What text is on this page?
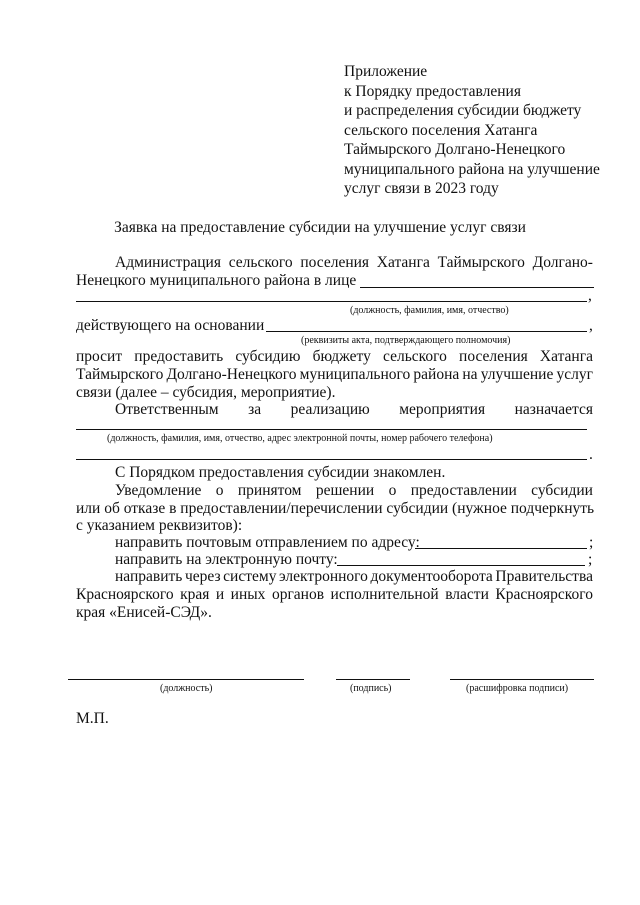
Приложение
к Порядку предоставления
и распределения субсидии бюджету
сельского поселения Хатанга
Таймырского Долгано-Ненецкого
муниципального района на улучшение
услуг связи в 2023 году
Заявка на предоставление субсидии на улучшение услуг связи
Администрация сельского поселения Хатанга Таймырского Долгано-
Ненецкого муниципального района в лице
,
(должность, фамилия, имя, отчество)
действующего на основании	,
(реквизиты акта, подтверждающего полномочия)
просит предоставить субсидию бюджету сельского поселения Хатанга
Таймырского Долгано-Ненецкого муниципального района на улучшение услуг
связи (далее – субсидия, мероприятие).
Ответственным за реализацию мероприятия назначается
(должность, фамилия, имя, отчество, адрес электронной почты, номер рабочего телефона)
.
С Порядком предоставления субсидии знакомлен.
Уведомление о принятом решении о предоставлении субсидии
или об отказе в предоставлении/перечислении субсидии (нужное подчеркнуть
с указанием реквизитов):
направить почтовым отправлением по адресу:	;
направить на электронную почту:	;
направить через систему электронного документооборота Правительства
Красноярского края и иных органов исполнительной власти Красноярского
края «Енисей-СЭД».
(должность)	(подпись)	(расшифровка подписи)
М.П.
